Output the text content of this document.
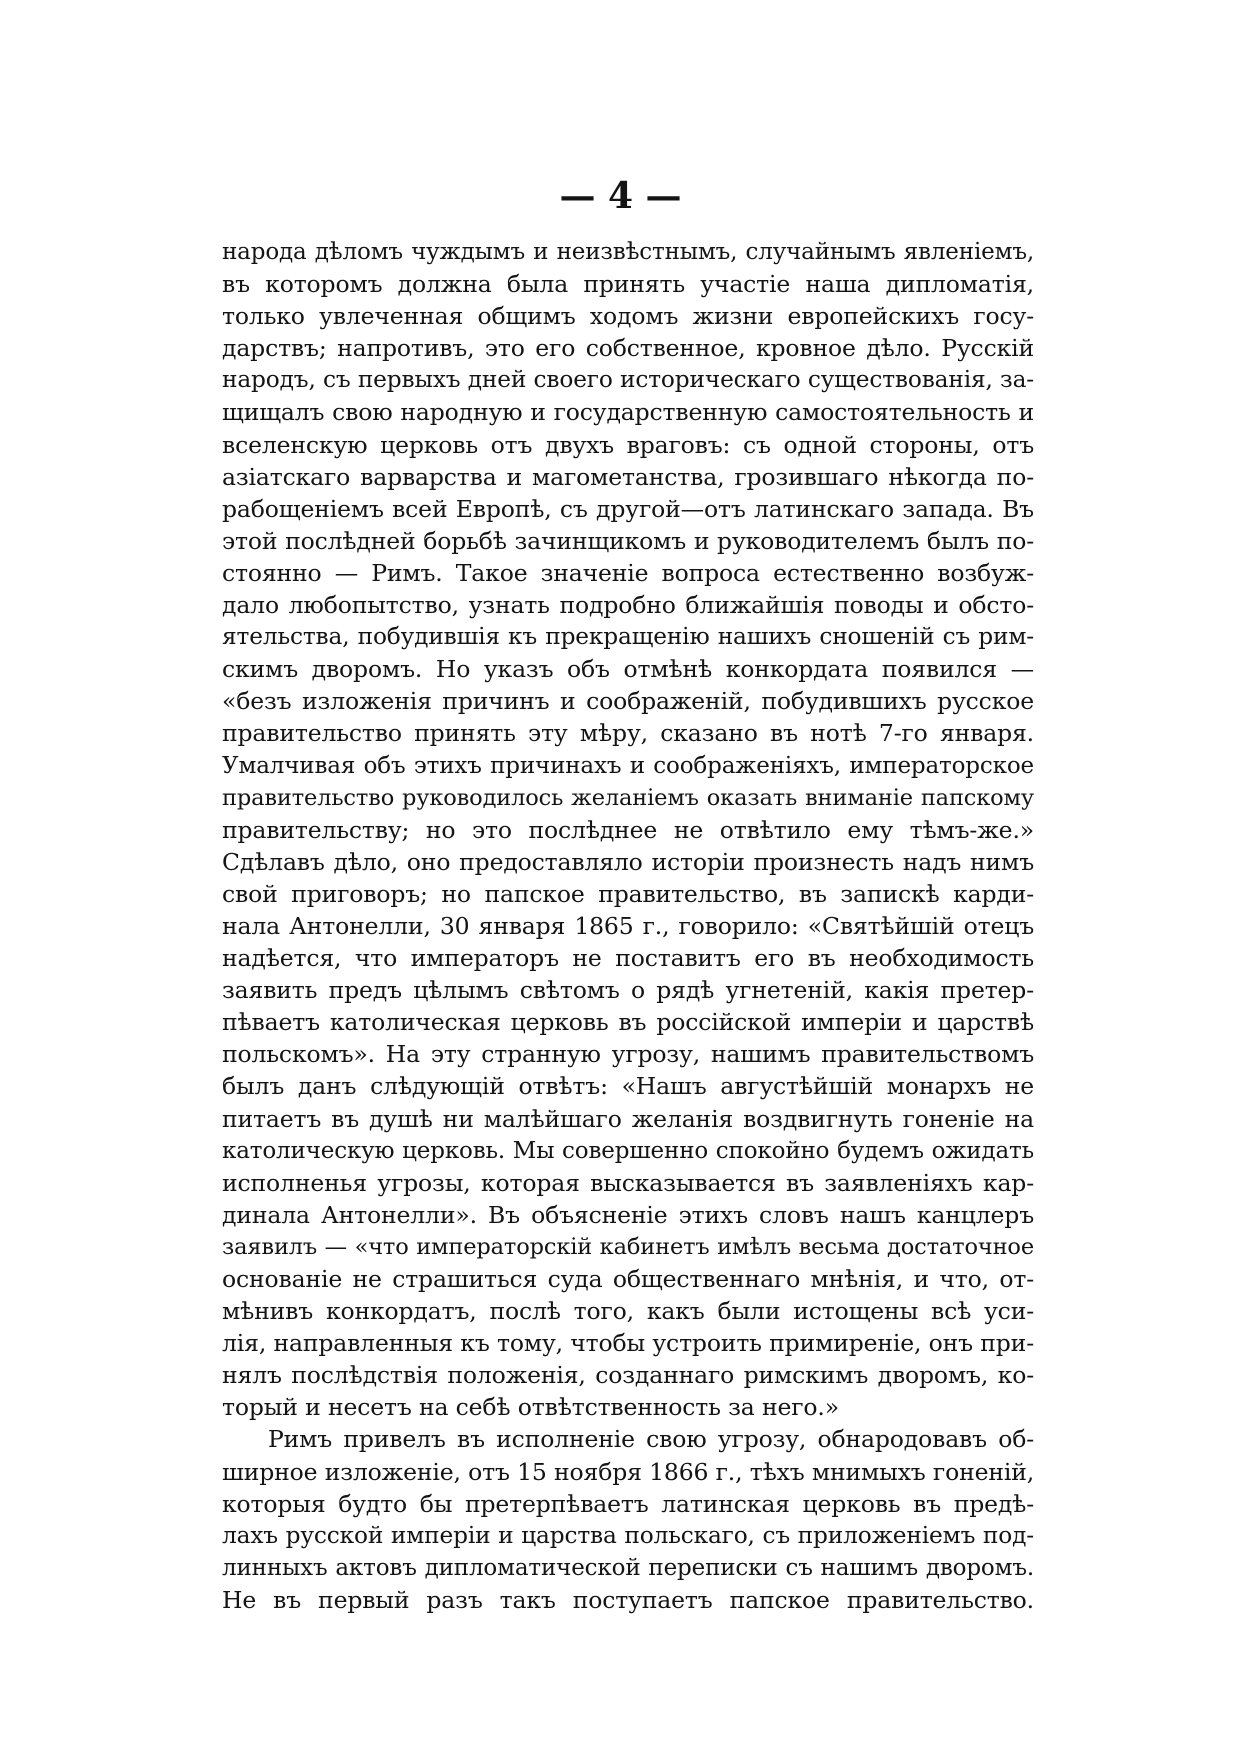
— 4 —
народа дѣломъ чуждымъ и неизвѣстнымъ, случайнымъ явленіемъ,
въ которомъ должна была принять участіе наша дипломатія,
только увлеченная общимъ ходомъ жизни европейскихъ госу-
дарствъ; напротивъ, это его собственное, кровное дѣло. Русскій
народъ, съ первыхъ дней своего историческаго существованія, за-
щищалъ свою народную и государственную самостоятельность и
вселенскую церковь отъ двухъ враговъ: съ одной стороны, отъ
азіатскаго варварства и магометанства, грозившаго нѣкогда по-
рабощеніемъ всей Европѣ, съ другой—отъ латинскаго запада. Въ
этой послѣдней борьбѣ зачинщикомъ и руководителемъ былъ по-
стоянно — Римъ. Такое значеніе вопроса естественно возбуж-
дало любопытство, узнать подробно ближайшія поводы и обсто-
ятельства, побудившія къ прекращенію нашихъ сношеній съ рим-
скимъ дворомъ. Но указъ объ отмѣнѣ конкордата появился —
«безъ изложенія причинъ и соображеній, побудившихъ русское
правительство принять эту мѣру, сказано въ нотѣ 7-го января.
Умалчивая объ этихъ причинахъ и соображеніяхъ, императорское
правительство руководилось желаніемъ оказать вниманіе папскому
правительству; но это послѣднее не отвѣтило ему тѣмъ-же.»
Сдѣлавъ дѣло, оно предоставляло исторіи произнесть надъ нимъ
свой приговоръ; но папское правительство, въ запискѣ карди-
нала Антонелли, 30 января 1865 г., говорило: «Святѣйшій отецъ
надѣется, что императоръ не поставитъ его въ необходимость
заявить предъ цѣлымъ свѣтомъ о рядѣ угнетеній, какія претер-
пѣваетъ католическая церковь въ россійской имперіи и царствѣ
польскомъ». На эту странную угрозу, нашимъ правительствомъ
былъ данъ слѣдующій отвѣтъ: «Нашъ августѣйшій монархъ не
питаетъ въ душѣ ни малѣйшаго желанія воздвигнуть гоненіе на
католическую церковь. Мы совершенно спокойно будемъ ожидать
исполненья угрозы, которая высказывается въ заявленіяхъ кар-
динала Антонелли». Въ объясненіе этихъ словъ нашъ канцлеръ
заявилъ — «что императорскій кабинетъ имѣлъ весьма достаточное
основаніе не страшиться суда общественнаго мнѣнія, и что, от-
мѣнивъ конкордатъ, послѣ того, какъ были истощены всѣ уси-
лія, направленныя къ тому, чтобы устроить примиреніе, онъ при-
нялъ послѣдствія положенія, созданнаго римскимъ дворомъ, ко-
торый и несетъ на себѣ отвѣтственность за него.»
Римъ привелъ въ исполненіе свою угрозу, обнародовавъ об-
ширное изложеніе, отъ 15 ноября 1866 г., тѣхъ мнимыхъ гоненій,
которыя будто бы претерпѣваетъ латинская церковь въ предѣ-
лахъ русской имперіи и царства польскаго, съ приложеніемъ под-
линныхъ актовъ дипломатической переписки съ нашимъ дворомъ.
Не въ первый разъ такъ поступаетъ папское правительство.
